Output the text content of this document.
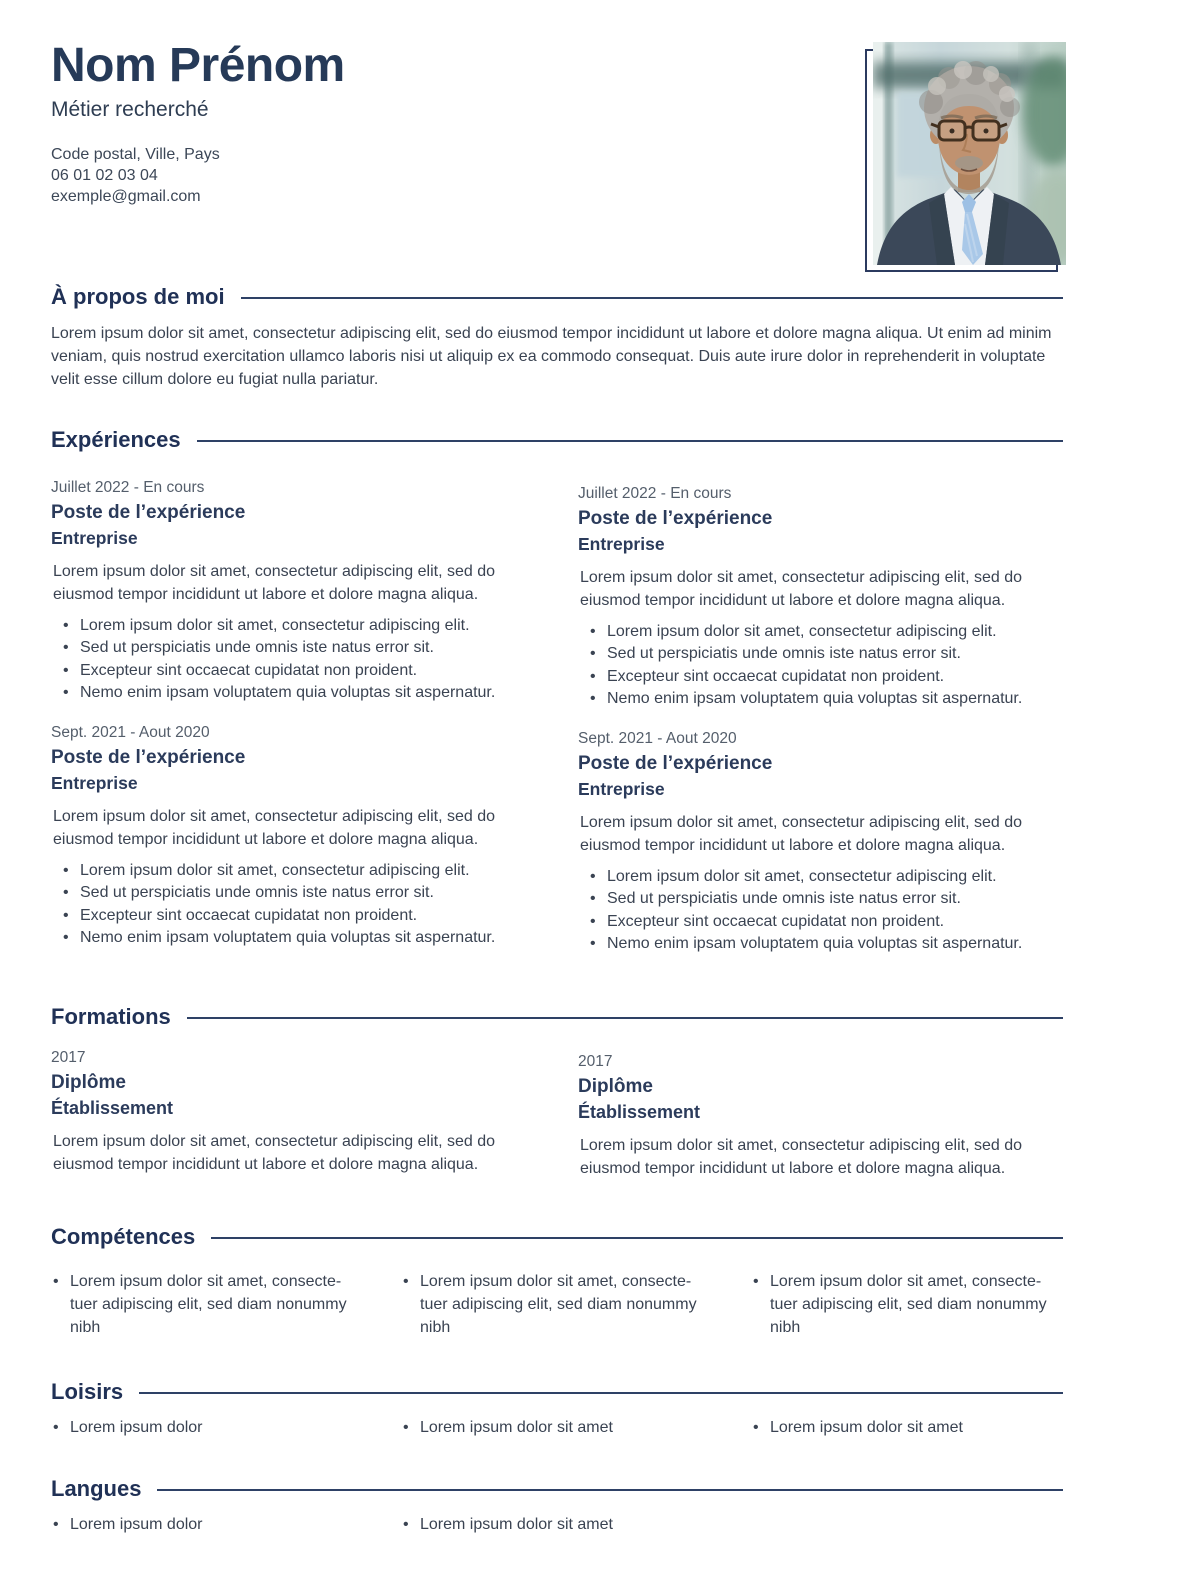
Nom Prénom
Métier recherché
Code postal, Ville, Pays
06 01 02 03 04
exemple@gmail.com
À propos de moi

Lorem ipsum dolor sit amet, consectetur adipiscing elit, sed do eiusmod tempor incididunt ut labore et dolore magna aliqua. Ut enim ad minim veniam, quis nostrud exercitation ullamco laboris nisi ut aliquip ex ea commodo consequat. Duis aute irure dolor in reprehenderit in voluptate velit esse cillum dolore eu fugiat nulla pariatur.

Expériences
Juillet 2022 - En cours
Poste de l’expérience
Entreprise

Lorem ipsum dolor sit amet, consectetur adipiscing elit, sed do eiusmod tempor incididunt ut labore et dolore magna aliqua.

• Lorem ipsum dolor sit amet, consectetur adipiscing elit.
• Sed ut perspiciatis unde omnis iste natus error sit.
• Excepteur sint occaecat cupidatat non proident.
• Nemo enim ipsam voluptatem quia voluptas sit aspernatur.
Sept. 2021 - Aout 2020
Poste de l’expérience
Entreprise

Lorem ipsum dolor sit amet, consectetur adipiscing elit, sed do eiusmod tempor incididunt ut labore et dolore magna aliqua.

• Lorem ipsum dolor sit amet, consectetur adipiscing elit.
• Sed ut perspiciatis unde omnis iste natus error sit.
• Excepteur sint occaecat cupidatat non proident.
• Nemo enim ipsam voluptatem quia voluptas sit aspernatur.
Juillet 2022 - En cours
Poste de l’expérience
Entreprise

Lorem ipsum dolor sit amet, consectetur adipiscing elit, sed do eiusmod tempor incididunt ut labore et dolore magna aliqua.

• Lorem ipsum dolor sit amet, consectetur adipiscing elit.
• Sed ut perspiciatis unde omnis iste natus error sit.
• Excepteur sint occaecat cupidatat non proident.
• Nemo enim ipsam voluptatem quia voluptas sit aspernatur.
Sept. 2021 - Aout 2020
Poste de l’expérience
Entreprise

Lorem ipsum dolor sit amet, consectetur adipiscing elit, sed do eiusmod tempor incididunt ut labore et dolore magna aliqua.

• Lorem ipsum dolor sit amet, consectetur adipiscing elit.
• Sed ut perspiciatis unde omnis iste natus error sit.
• Excepteur sint occaecat cupidatat non proident.
• Nemo enim ipsam voluptatem quia voluptas sit aspernatur.
Formations
2017
Diplôme
Établissement

Lorem ipsum dolor sit amet, consectetur adipiscing elit, sed do eiusmod tempor incididunt ut labore et dolore magna aliqua.

2017
Diplôme
Établissement

Lorem ipsum dolor sit amet, consectetur adipiscing elit, sed do eiusmod tempor incididunt ut labore et dolore magna aliqua.

Compétences
• Lorem ipsum dolor sit amet, consectetuer adipiscing elit, sed diam nonummy nibh
• Lorem ipsum dolor sit amet, consectetuer adipiscing elit, sed diam nonummy nibh
• Lorem ipsum dolor sit amet, consectetuer adipiscing elit, sed diam nonummy nibh
Loisirs
• Lorem ipsum dolor	• Lorem ipsum dolor sit amet	• Lorem ipsum dolor sit amet
Langues
• Lorem ipsum dolor	• Lorem ipsum dolor sit amet
